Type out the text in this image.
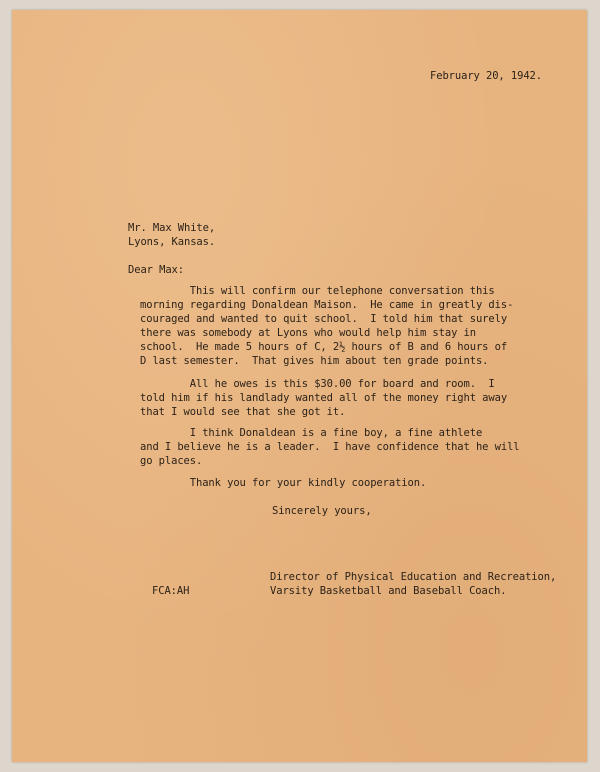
February 20, 1942.
Mr. Max White,
Lyons, Kansas.
Dear Max:
This will confirm our telephone conversation this
morning regarding Donaldean Maison.  He came in greatly dis-
couraged and wanted to quit school.  I told him that surely
there was somebody at Lyons who would help him stay in
school.  He made 5 hours of C, 2½ hours of B and 6 hours of
D last semester.  That gives him about ten grade points.
All he owes is this $30.00 for board and room.  I
told him if his landlady wanted all of the money right away
that I would see that she got it.
I think Donaldean is a fine boy, a fine athlete
and I believe he is a leader.  I have confidence that he will
go places.
Thank you for your kindly cooperation.
Sincerely yours,
Director of Physical Education and Recreation,
Varsity Basketball and Baseball Coach.
FCA:AH
